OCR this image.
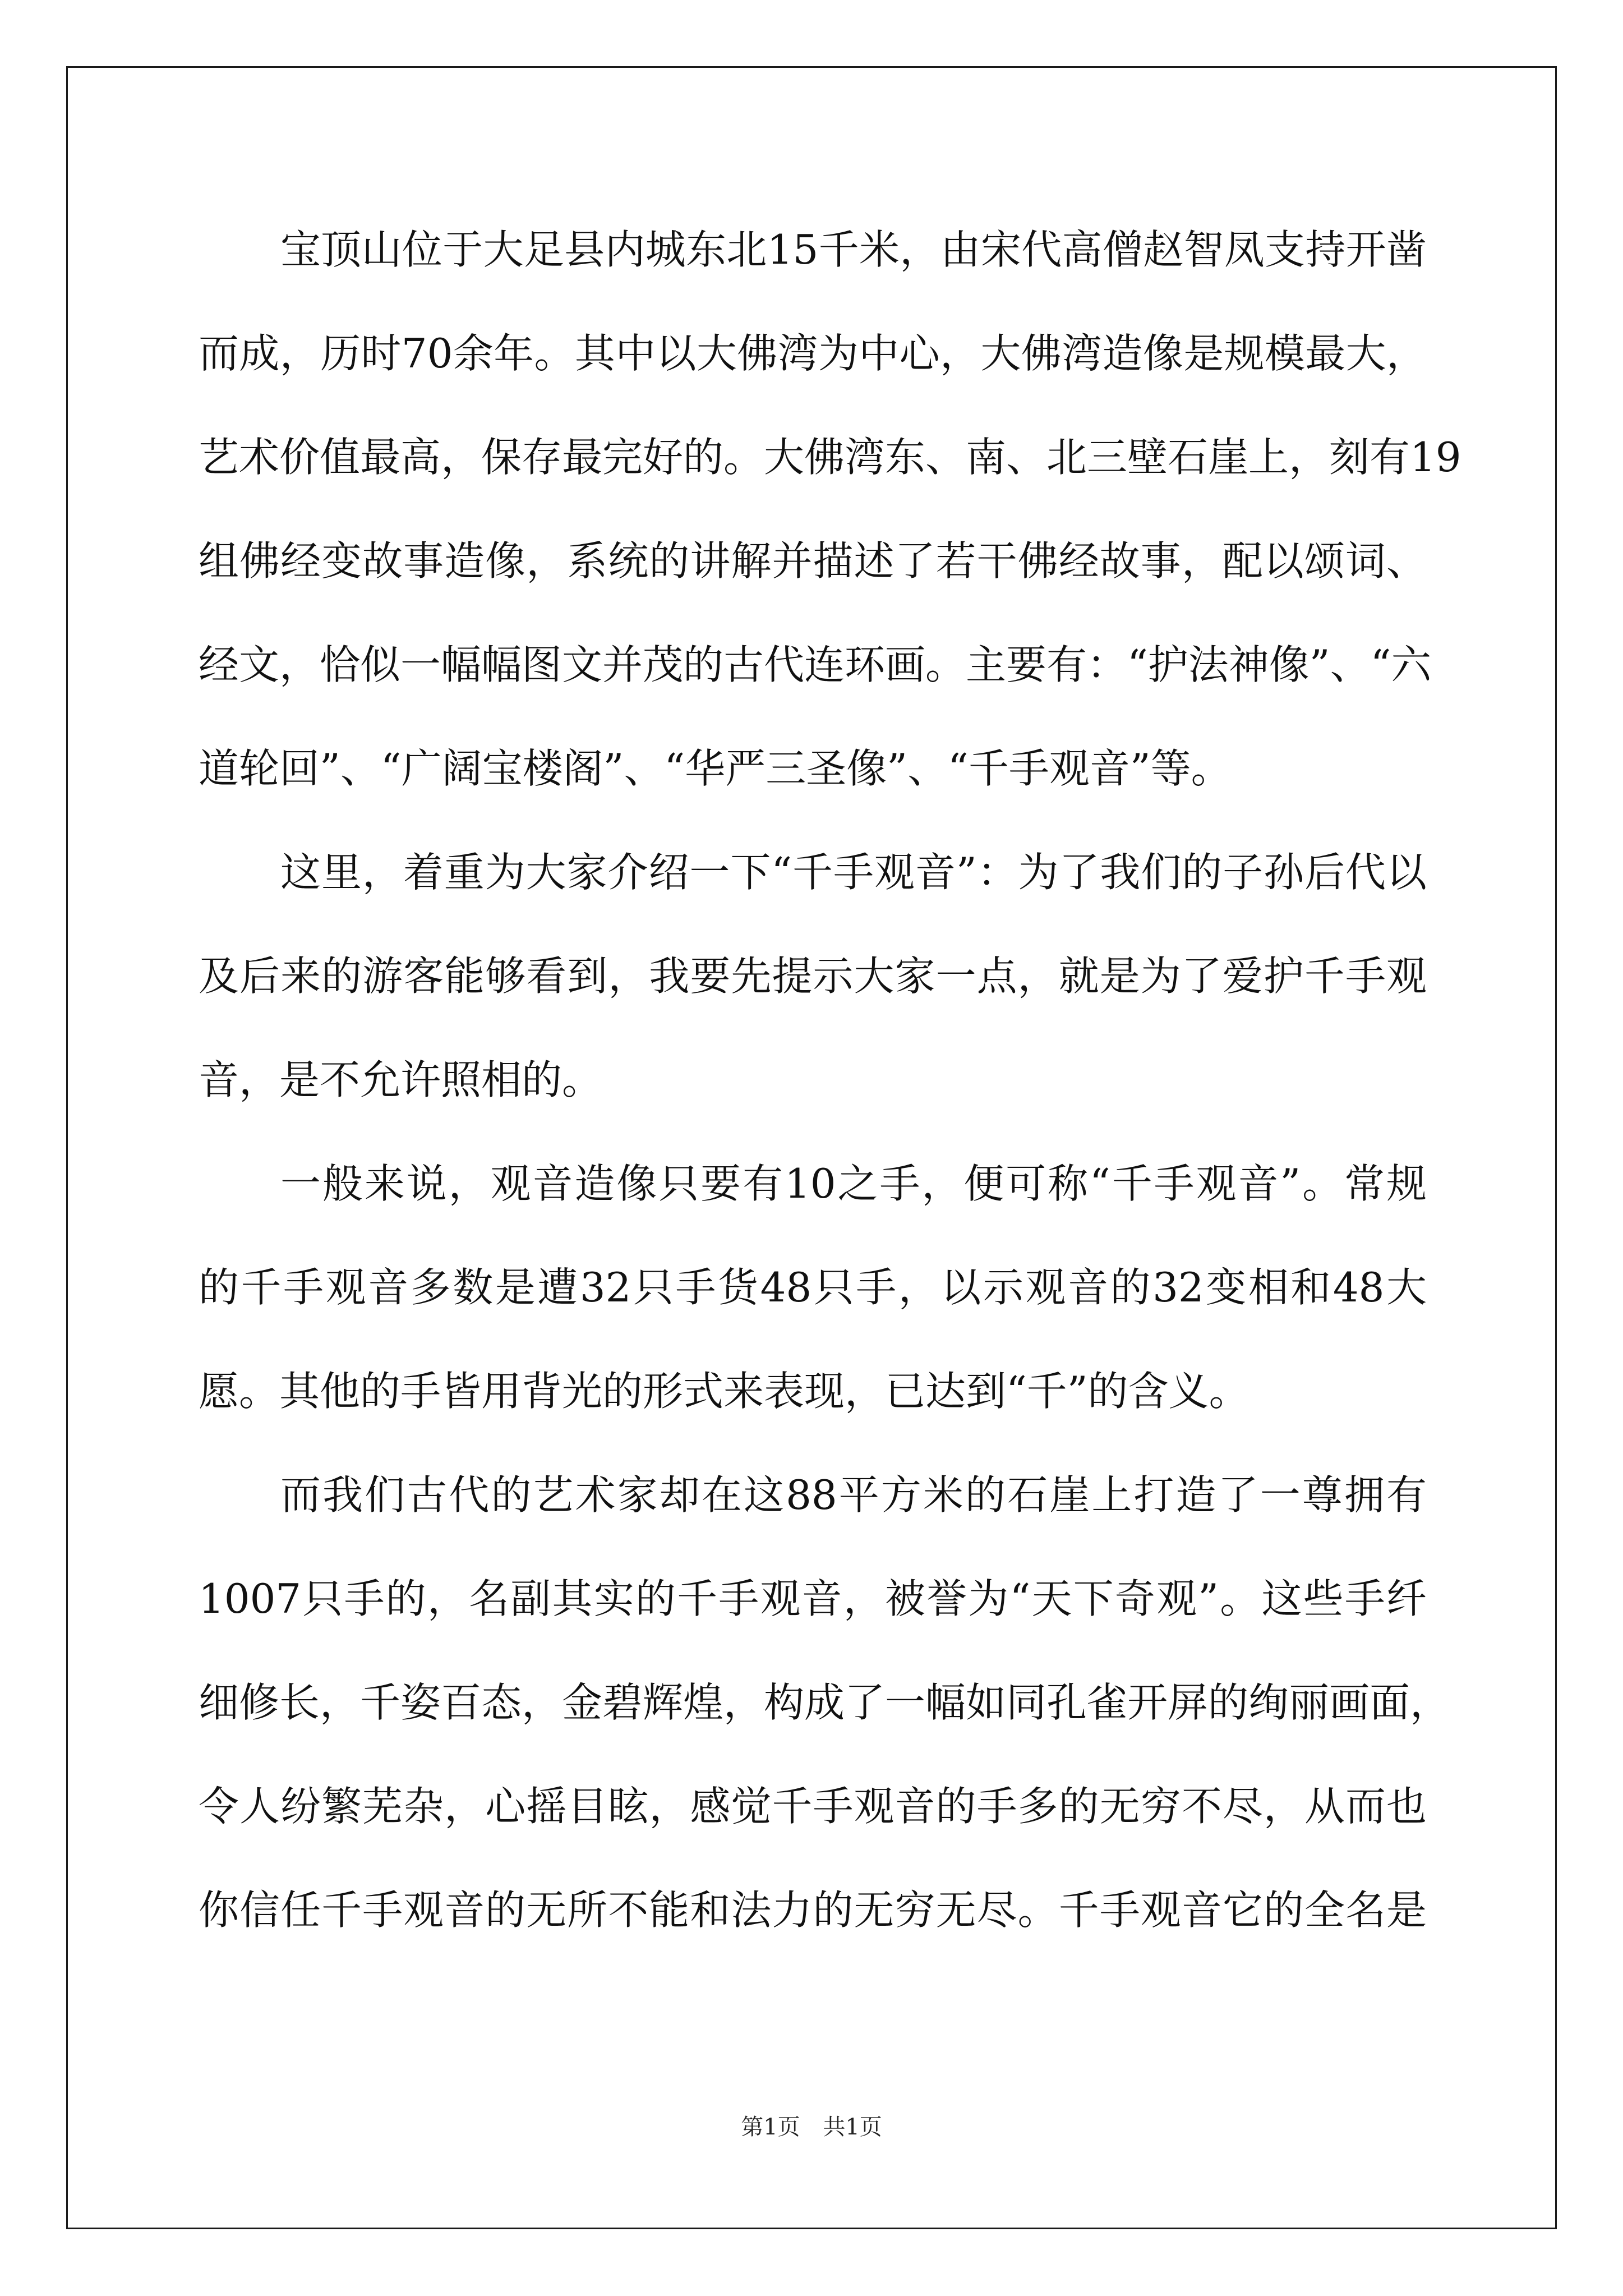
宝顶山位于大足县内城东北15千米，由宋代高僧赵智凤支持开凿
而成，历时70余年。其中以大佛湾为中心，大佛湾造像是规模最大，
艺术价值最高，保存最完好的。大佛湾东、南、北三壁石崖上，刻有19
组佛经变故事造像，系统的讲解并描述了若干佛经故事，配以颂词、
经文，恰似一幅幅图文并茂的古代连环画。主要有：“护法神像”、“六
道轮回”、“广阔宝楼阁”、“华严三圣像”、“千手观音”等。
这里，着重为大家介绍一下“千手观音”：为了我们的子孙后代以
及后来的游客能够看到，我要先提示大家一点，就是为了爱护千手观
音，是不允许照相的。
一般来说，观音造像只要有10之手，便可称“千手观音”。常规
的千手观音多数是遭32只手货48只手，以示观音的32变相和48大
愿。其他的手皆用背光的形式来表现，已达到“千”的含义。
而我们古代的艺术家却在这88平方米的石崖上打造了一尊拥有
1007只手的，名副其实的千手观音，被誉为“天下奇观”。这些手纤
细修长，千姿百态，金碧辉煌，构成了一幅如同孔雀开屏的绚丽画面，
令人纷繁芜杂，心摇目眩，感觉千手观音的手多的无穷不尽，从而也
你信任千手观音的无所不能和法力的无穷无尽。千手观音它的全名是
第1页 共1页
